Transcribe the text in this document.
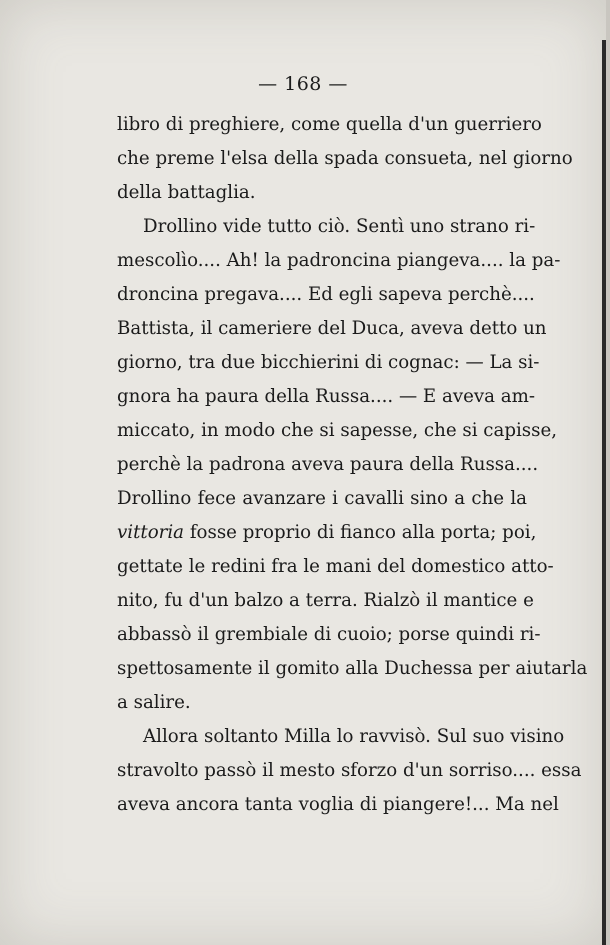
— 168 —
libro di preghiere, come quella d'un guerriero
che preme l'elsa della spada consueta, nel giorno
della battaglia.
Drollino vide tutto ciò. Sentì uno strano ri-
mescolìo.... Ah! la padroncina piangeva.... la pa-
droncina pregava.... Ed egli sapeva perchè....
Battista, il cameriere del Duca, aveva detto un
giorno, tra due bicchierini di cognac: — La si-
gnora ha paura della Russa.... — E aveva am-
miccato, in modo che si sapesse, che si capisse,
perchè la padrona aveva paura della Russa....
Drollino fece avanzare i cavalli sino a che la
vittoria fosse proprio di fianco alla porta; poi,
gettate le redini fra le mani del domestico atto-
nito, fu d'un balzo a terra. Rialzò il mantice e
abbassò il grembiale di cuoio; porse quindi ri-
spettosamente il gomito alla Duchessa per aiutarla
a salire.
Allora soltanto Milla lo ravvisò. Sul suo visino
stravolto passò il mesto sforzo d'un sorriso.... essa
aveva ancora tanta voglia di piangere!... Ma nel
